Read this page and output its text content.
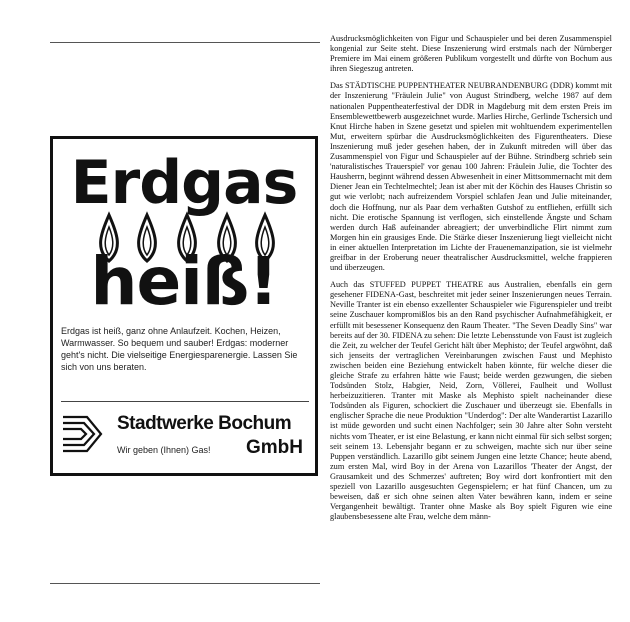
Erdgas
heiß!
Erdgas ist heiß, ganz ohne Anlaufzeit. Kochen, Heizen, Warmwasser. So bequem und sauber! Erdgas: moderner geht's nicht. Die vielseitige Energiesparenergie. Lassen Sie sich von uns beraten.
Stadtwerke Bochum
GmbH
Wir geben (Ihnen) Gas!

Ausdrucksmöglichkeiten von Figur und Schauspieler und bei deren Zusammenspiel kongenial zur Seite steht. Diese Inszenierung wird erstmals nach der Nürnberger Premiere im Mai einem größeren Publikum vorgestellt und dürfte von Bochum aus ihren Siegeszug antreten.

Das STÄDTISCHE PUPPENTHEATER NEUBRANDENBURG (DDR) kommt mit der Inszenierung "Fräulein Julie" von August Strindberg, welche 1987 auf dem nationalen Puppentheaterfestival der DDR in Magdeburg mit dem ersten Preis im Ensemblewettbewerb ausgezeichnet wurde. Marlies Hirche, Gerlinde Tschersich und Knut Hirche haben in Szene gesetzt und spielen mit wohltuendem experimentellen Mut, erweitern spürbar die Ausdrucksmöglichkeiten des Figurentheaters. Diese Inszenierung muß jeder gesehen haben, der in Zukunft mitreden will über das Zusammenspiel von Figur und Schauspieler auf der Bühne. Strindberg schrieb sein 'naturalistisches Trauerspiel' vor genau 100 Jahren: Fräulein Julie, die Tochter des Hausherrn, beginnt während dessen Abwesenheit in einer Mittsommernacht mit dem Diener Jean ein Techtelmechtel; Jean ist aber mit der Köchin des Hauses Christin so gut wie verlobt; nach aufreizendem Vorspiel schlafen Jean und Julie miteinander, doch die Hoffnung, nur als Paar dem verhaßten Gutshof zu entfliehen, erfüllt sich nicht. Die erotische Spannung ist verflogen, sich einstellende Ängste und Scham werden durch Haß aufeinander abreagiert; der unverbindliche Flirt nimmt zum Morgen hin ein grausiges Ende. Die Stärke dieser Inszenierung liegt vielleicht nicht in einer aktuellen Interpretation im Lichte der Frauenemanzipation, sie ist vielmehr greifbar in der Eroberung neuer theatralischer Ausdrucksmittel, welche frappieren und überzeugen.

Auch das STUFFED PUPPET THEATRE aus Australien, ebenfalls ein gern gesehener FIDENA-Gast, beschreitet mit jeder seiner Inszenierungen neues Terrain. Neville Tranter ist ein ebenso exzellenter Schauspieler wie Figurenspieler und treibt seine Zuschauer kompromißlos bis an den Rand psychischer Aufnahmefähigkeit, er erfüllt mit besessener Konsequenz den Raum Theater. "The Seven Deadly Sins" war bereits auf der 30. FIDENA zu sehen: Die letzte Lebensstunde von Faust ist zugleich die Zeit, zu welcher der Teufel Gericht hält über Mephisto; der Teufel argwöhnt, daß sich jenseits der vertraglichen Vereinbarungen zwischen Faust und Mephisto zwischen beiden eine Beziehung entwickelt haben könnte, für welche dieser die gleiche Strafe zu erfahren hätte wie Faust; beide werden gezwungen, die sieben Todsünden Stolz, Habgier, Neid, Zorn, Völlerei, Faulheit und Wollust herbeizuzitieren. Tranter mit Maske als Mephisto spielt nacheinander diese Todsünden als Figuren, schockiert die Zuschauer und überzeugt sie. Ebenfalls in englischer Sprache die neue Produktion "Underdog": Der alte Wanderartist Lazarillo ist müde geworden und sucht einen Nachfolger; sein 30 Jahre alter Sohn versteht nichts vom Theater, er ist eine Belastung, er kann nicht einmal für sich selbst sorgen; seit seinem 13. Lebensjahr begann er zu schweigen, machte sich nur über seine Puppen verständlich. Lazarillo gibt seinem Jungen eine letzte Chance; heute abend, zum ersten Mal, wird Boy in der Arena von Lazarillos 'Theater der Angst, der Grausamkeit und des Schmerzes' auftreten; Boy wird dort konfrontiert mit den speziell von Lazarillo ausgesuchten Gegenspielern; er hat fünf Chancen, um zu beweisen, daß er sich ohne seinen alten Vater bewähren kann, indem er seine Vergangenheit bewältigt. Tranter ohne Maske als Boy spielt Figuren wie eine glaubensbesessene alte Frau, welche dem männ-
